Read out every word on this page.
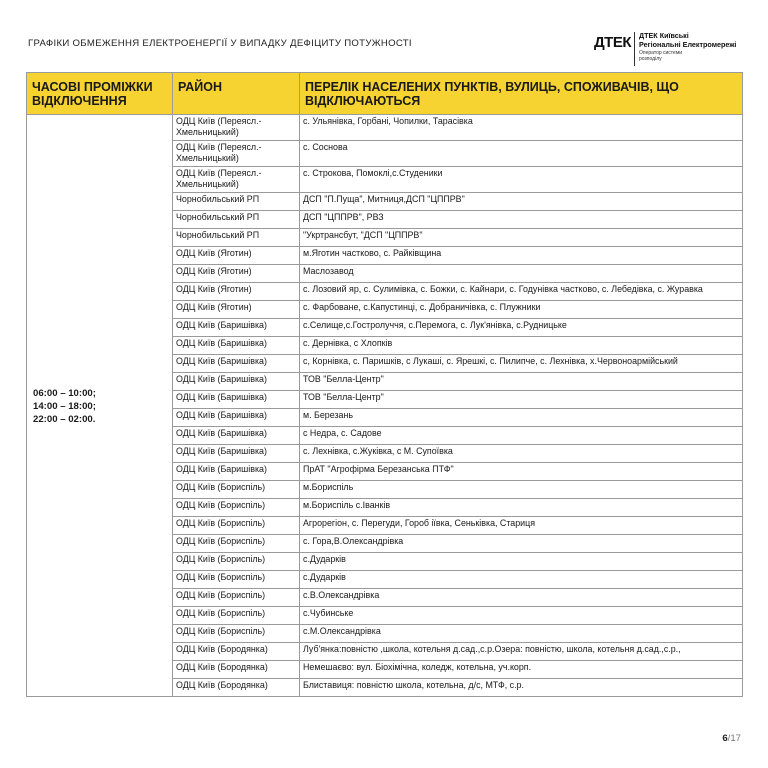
ГРАФІКИ ОБМЕЖЕННЯ ЕЛЕКТРОЕНЕРГІЇ У ВИПАДКУ ДЕФІЦИТУ ПОТУЖНОСТІ	ДТЕК ДТЕК Київські
Регіональні Електромережі
Оператор системи
розподілу
ЧАСОВІ ПРОМІЖКИ ВІДКЛЮЧЕННЯ	РАЙОН	ПЕРЕЛІК НАСЕЛЕНИХ ПУНКТІВ, ВУЛИЦЬ, СПОЖИВАЧІВ, ЩО ВІДКЛЮЧАЮТЬСЯ

06:00 – 10:00;
14:00 – 18:00;
22:00 – 02:00.	ОДЦ Київ (Переясл.-Хмельницький)	с. Ульянівка, Горбані, Чопилки, Тарасівка
	ОДЦ Київ (Переясл.-Хмельницький)	с. Соснова
	ОДЦ Київ (Переясл.-Хмельницький)	с. Строкова, Помоклі,с.Студеники
	Чорнобильський РП	ДСП "П.Пуща", Митниця,ДСП "ЦППРВ"
	Чорнобильський РП	ДСП "ЦППРВ", РВЗ
	Чорнобильський РП	"Укртрансбут, "ДСП "ЦППРВ"
	ОДЦ Київ (Яготин)	м.Яготин частково, с. Райківщина
	ОДЦ Київ (Яготин)	Маслозавод
	ОДЦ Київ (Яготин)	с. Лозовий яр, с. Сулимівка, с. Божки, с. Кайнари, с. Годунівка частково, с. Лебедівка, с. Журавка
	ОДЦ Київ (Яготин)	с. Фарбоване, с.Капустинці, с. Добраничівка, с. Плужники
	ОДЦ Київ (Баришівка)	с.Селище,с.Гостролуччя, с.Перемога, с. Лук'янівка, с.Рудницьке
	ОДЦ Київ (Баришівка)	с. Дернівка, с Хлопків
	ОДЦ Київ (Баришівка)	с, Корнівка, с. Паришків, с Лукаші, с. Ярешкі, с. Пилипче, с. Лехнівка, х.Червоноармійський
	ОДЦ Київ (Баришівка)	ТОВ "Белла-Центр"
	ОДЦ Київ (Баришівка)	ТОВ "Белла-Центр"
	ОДЦ Київ (Баришівка)	м. Березань
	ОДЦ Київ (Баришівка)	с Недра, с. Садове
	ОДЦ Київ (Баришівка)	с. Лехнівка, с.Жуківка, с М. Супоївка
	ОДЦ Київ (Баришівка)	ПрАТ "Агрофірма Березанська ПТФ"
	ОДЦ Київ (Бориспіль)	м.Бориспіль
	ОДЦ Київ (Бориспіль)	м.Бориспіль с.Іванків
	ОДЦ Київ (Бориспіль)	Агрорегіон, с. Перегуди, Гороб іївка, Сеньківка, Стариця
	ОДЦ Київ (Бориспіль)	с. Гора,В.Олександрівка
	ОДЦ Київ (Бориспіль)	с.Дударків
	ОДЦ Київ (Бориспіль)	с.Дударків
	ОДЦ Київ (Бориспіль)	с.В.Олександрівка
	ОДЦ Київ (Бориспіль)	с.Чубинське
	ОДЦ Київ (Бориспіль)	с.М.Олександрівка
	ОДЦ Київ (Бородянка)	Луб'янка:повністю ,школа, котельня д.сад.,с.р.Озера: повністю, школа, котельня д.сад.,с.р.,
	ОДЦ Київ (Бородянка)	Немешаєво: вул. Біохімічна, коледж, котельна, уч.корп.
	ОДЦ Київ (Бородянка)	Блиставиця: повністю школа, котельна, д/с, МТФ, с.р.
6/17
